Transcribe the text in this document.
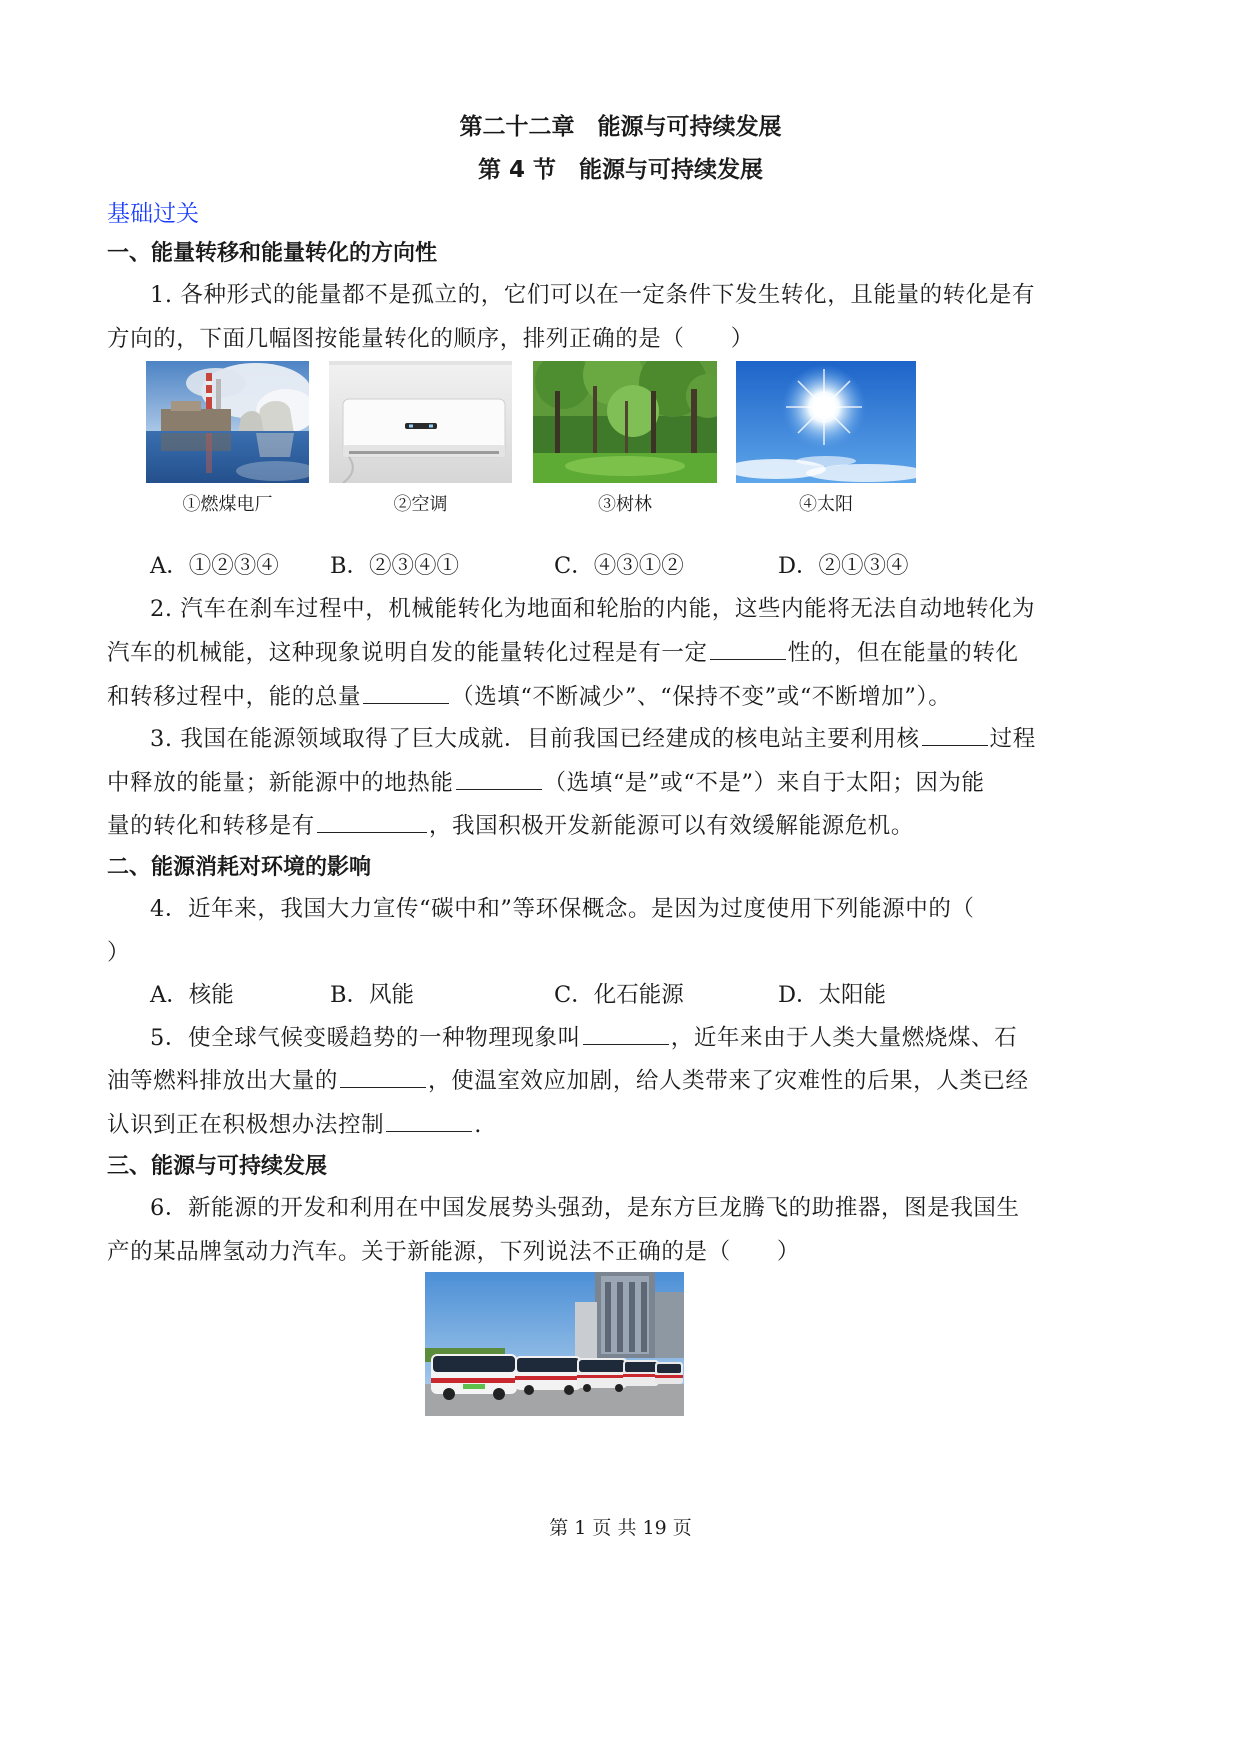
第二十二章　能源与可持续发展
第 4 节　能源与可持续发展
基础过关
一、能量转移和能量转化的方向性
1. 各种形式的能量都不是孤立的，它们可以在一定条件下发生转化，且能量的转化是有
方向的，下面几幅图按能量转化的顺序，排列正确的是（　　）
①燃煤电厂	②空调	③树林	④太阳
A．①②③④ B．②③④①	C．④③①②	D．②①③④
2. 汽车在刹车过程中，机械能转化为地面和轮胎的内能，这些内能将无法自动地转化为
汽车的机械能，这种现象说明自发的能量转化过程是有一定	性的，但在能量的转化
和转移过程中，能的总量	（选填“不断减少”、“保持不变”或“不断增加”）。
3. 我国在能源领域取得了巨大成就．目前我国已经建成的核电站主要利用核	过程
中释放的能量；新能源中的地热能	（选填“是”或“不是”）来自于太阳；因为能
量的转化和转移是有	，我国积极开发新能源可以有效缓解能源危机。
二、能源消耗对环境的影响
4．近年来，我国大力宣传“碳中和”等环保概念。是因为过度使用下列能源中的（
）
A．核能	B．风能	C．化石能源	D．太阳能
5．使全球气候变暖趋势的一种物理现象叫	，近年来由于人类大量燃烧煤、石
油等燃料排放出大量的	，使温室效应加剧，给人类带来了灾难性的后果，人类已经
认识到正在积极想办法控制	.
三、能源与可持续发展
6．新能源的开发和利用在中国发展势头强劲，是东方巨龙腾飞的助推器，图是我国生
产的某品牌氢动力汽车。关于新能源，下列说法不正确的是（　　）
第 1 页 共 19 页
